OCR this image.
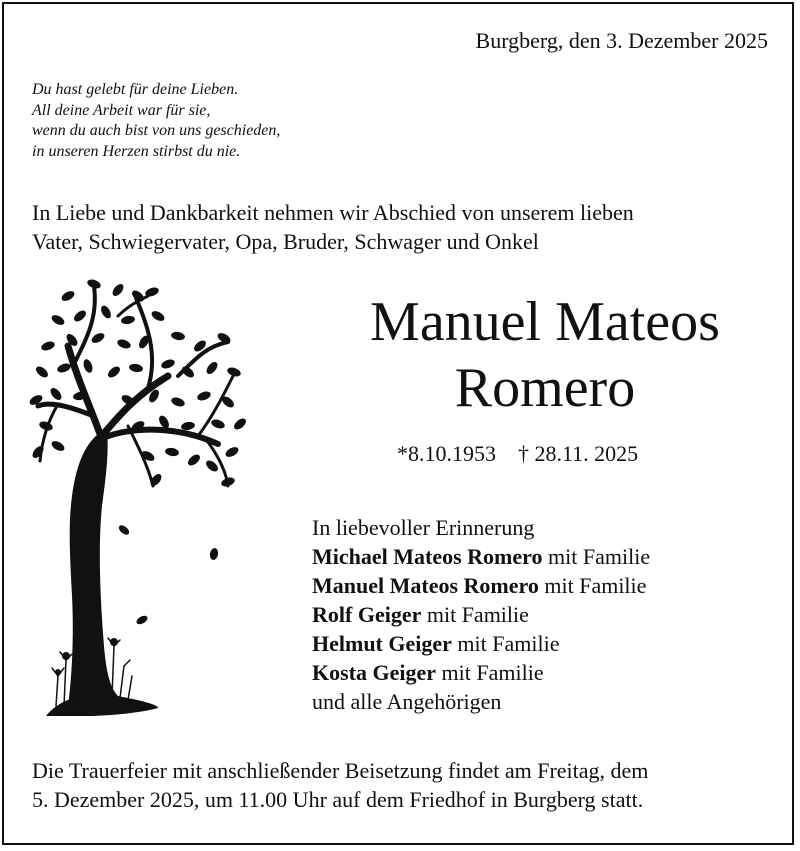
Burgberg, den 3. Dezember 2025
Du hast gelebt für deine Lieben.
All deine Arbeit war für sie,
wenn du auch bist von uns geschieden,
in unseren Herzen stirbst du nie.
In Liebe und Dankbarkeit nehmen wir Abschied von unserem lieben
Vater, Schwiegervater, Opa, Bruder, Schwager und Onkel
Manuel Mateos
Romero
*8.10.1953 † 28.11. 2025
In liebevoller Erinnerung
Michael Mateos Romero mit Familie
Manuel Mateos Romero mit Familie
Rolf Geiger mit Familie
Helmut Geiger mit Familie
Kosta Geiger mit Familie
und alle Angehörigen
Die Trauerfeier mit anschließender Beisetzung findet am Freitag, dem
5. Dezember 2025, um 11.00 Uhr auf dem Friedhof in Burgberg statt.
